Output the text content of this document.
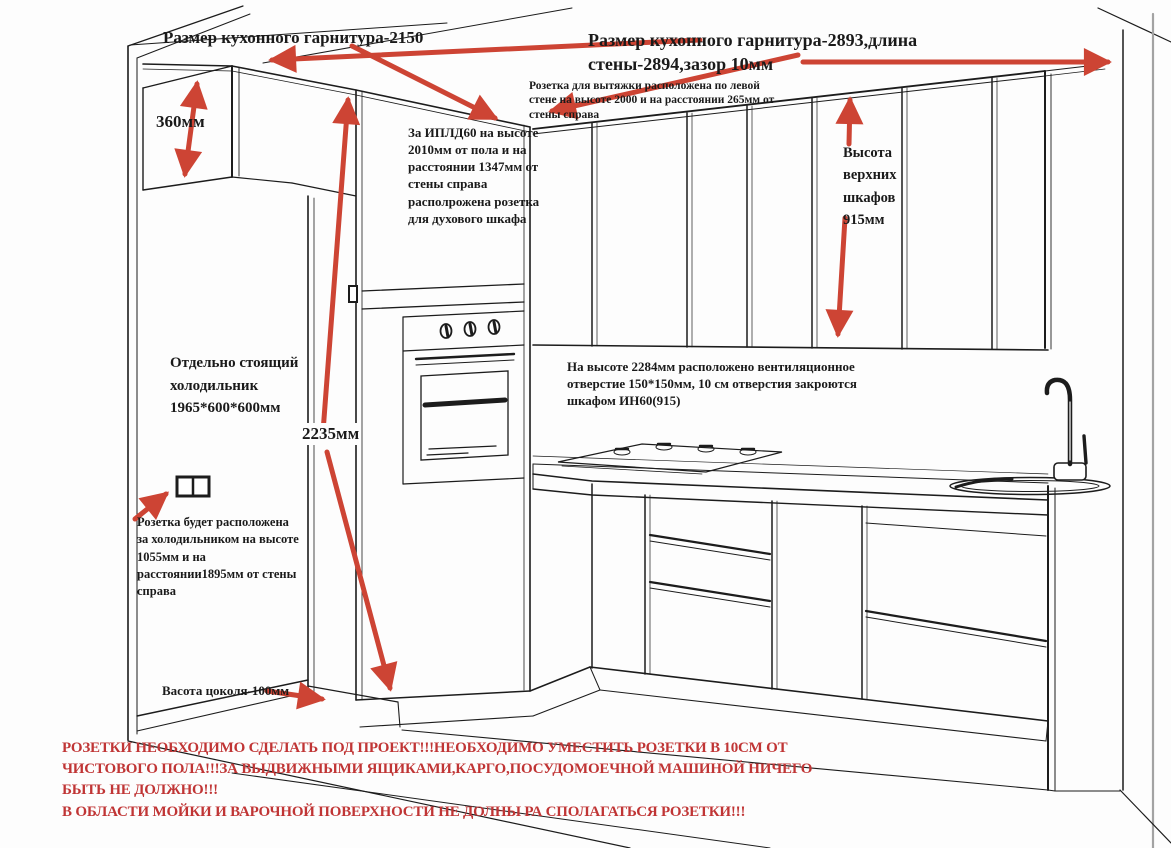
Размер кухонного гарнитура-2150	Размер кухонного гарнитура-2893,длина стены-2894,зазор 10мм
Розетка для вытяжки расположена по левой стене на высоте 2000 и на расстоянии 265мм от стены справа
За ИПЛД60 на высоте 2010мм от пола и на расстоянии 1347мм от стены справа располрожена розетка для духового шкафа
360мм
Высота верхних шкафов 915мм
Отдельно стоящий холодильник 1965*600*600мм
2235мм
На высоте 2284мм расположено вентиляционное отверстие 150*150мм, 10 см отверстия закроются шкафом ИН60(915)
Розетка будет расположена за холодильником на высоте 1055мм и на расстоянии1895мм от стены справа
Васота цоколя-100мм
РОЗЕТКИ НЕОБХОДИМО СДЕЛАТЬ ПОД ПРОЕКТ!!!НЕОБХОДИМО УМЕСТИТЬ РОЗЕТКИ В 10СМ ОТ
ЧИСТОВОГО ПОЛА!!!ЗА ВЫДВИЖНЫМИ ЯЩИКАМИ,КАРГО,ПОСУДОМОЕЧНОЙ МАШИНОЙ НИЧЕГО
БЫТЬ НЕ ДОЛЖНО!!!
В ОБЛАСТИ МОЙКИ И ВАРОЧНОЙ ПОВЕРХНОСТИ НЕ ДОЛНЫ РА СПОЛАГАТЬСЯ РОЗЕТКИ!!!
